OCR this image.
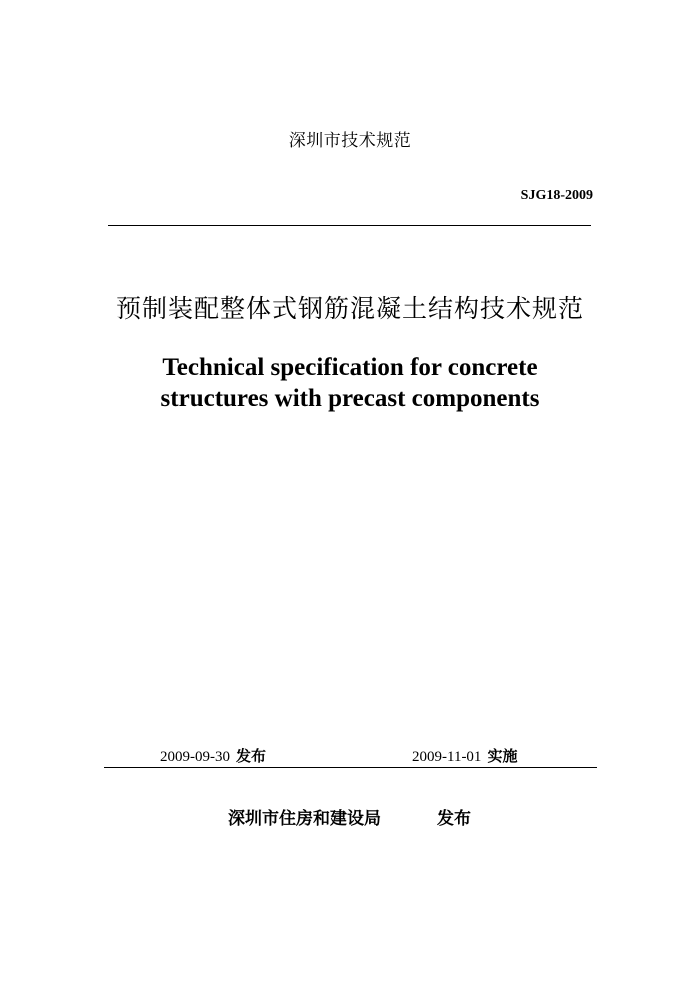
深圳市技术规范
SJG18-2009
预制装配整体式钢筋混凝土结构技术规范
Technical specification for concrete
structures with precast components
2009-09-30 发布	2009-11-01 实施
深圳市住房和建设局	发布
